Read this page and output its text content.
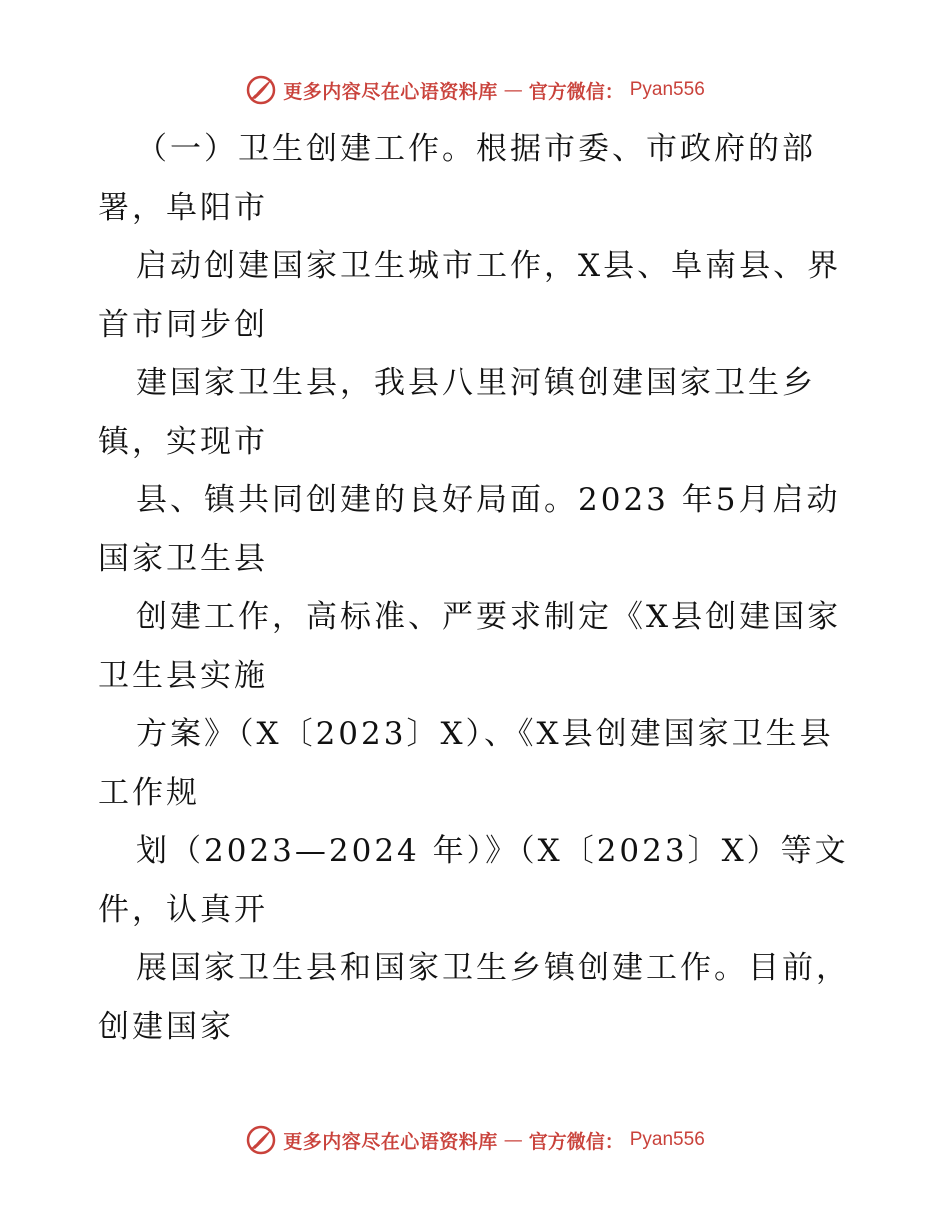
更多内容尽在心语资料库 — 官方微信： Pyan556
（一）卫生创建工作。根据市委、市政府的部
署，阜阳市
启动创建国家卫生城市工作，X县、阜南县、界
首市同步创
建国家卫生县，我县八里河镇创建国家卫生乡
镇，实现市
县、镇共同创建的良好局面。2023 年5月启动
国家卫生县
创建工作，高标准、严要求制定《X县创建国家
卫生县实施
方案》（X〔2023〕X）、《X县创建国家卫生县
工作规
划（2023—2024 年）》（X〔2023〕X）等文
件，认真开
展国家卫生县和国家卫生乡镇创建工作。目前，
创建国家
更多内容尽在心语资料库 — 官方微信： Pyan556
